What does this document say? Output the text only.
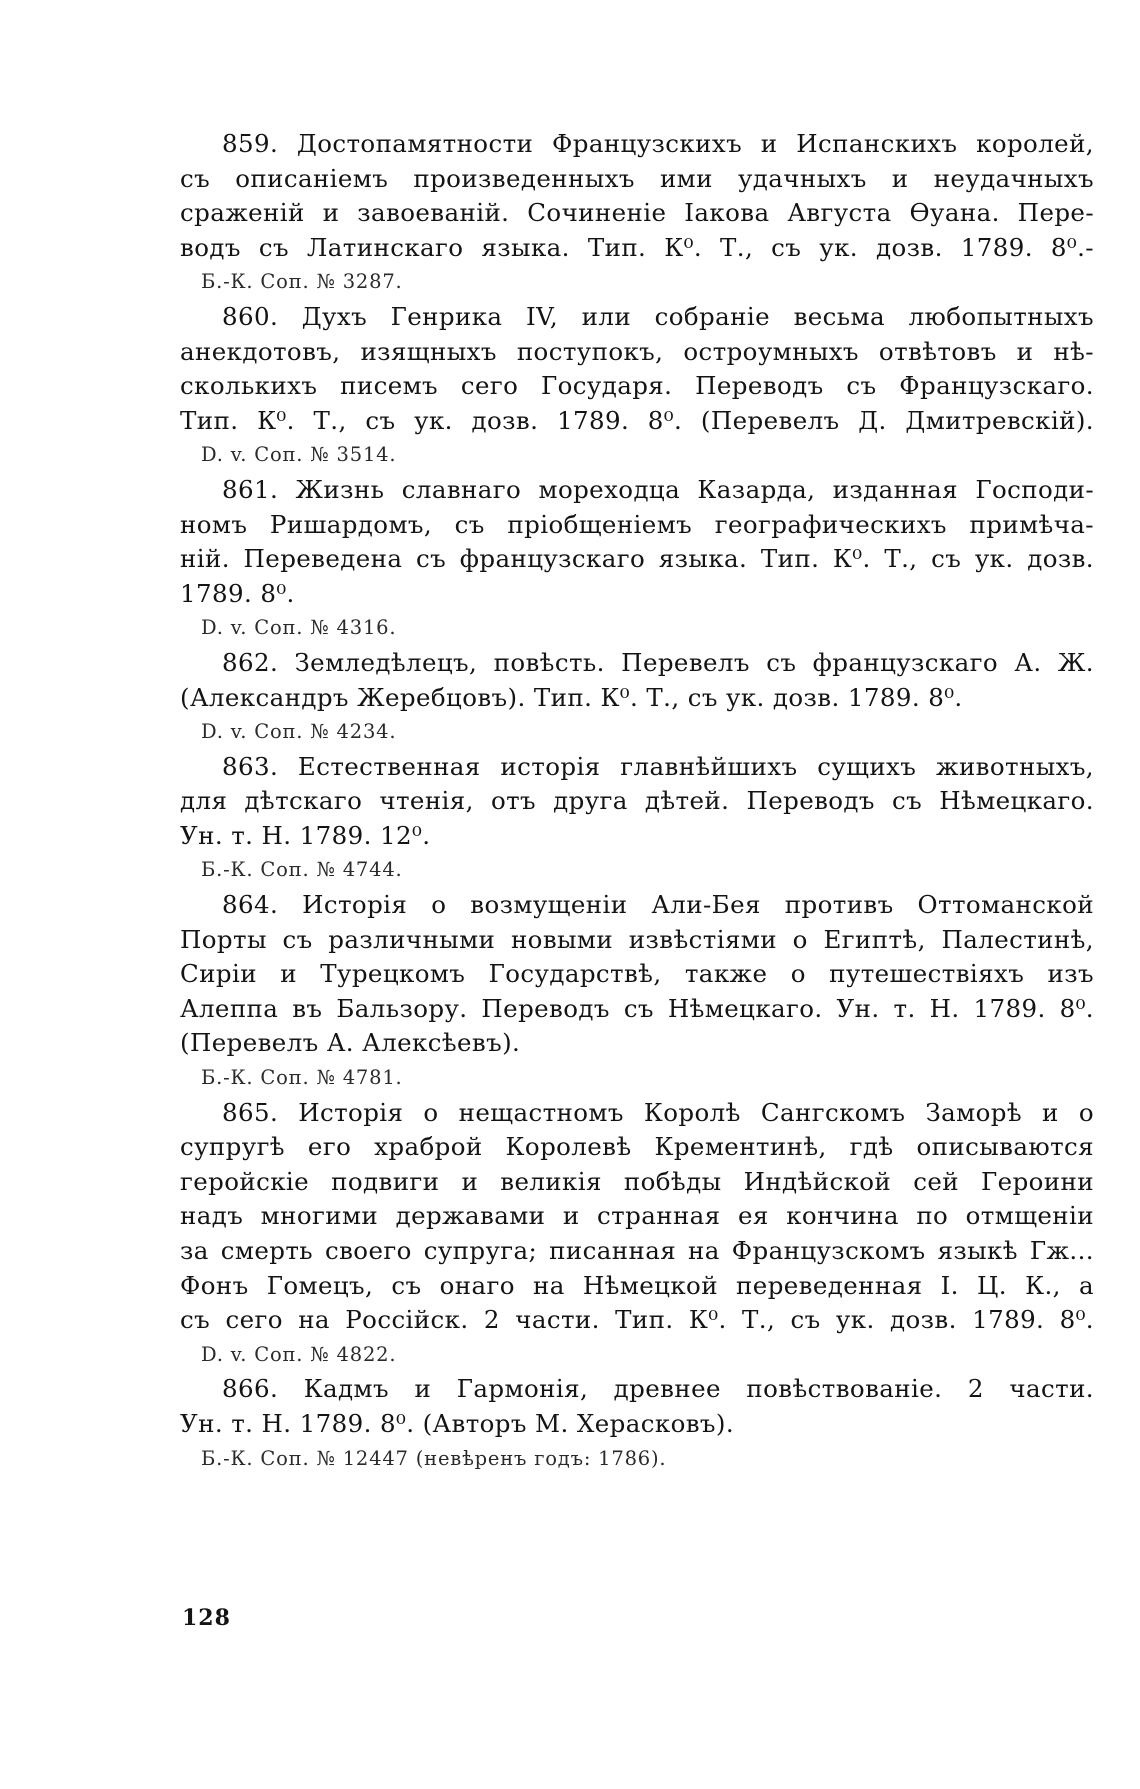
859. Достопамятности Французскихъ и Испанскихъ королей,
съ описаніемъ произведенныхъ ими удачныхъ и неудачныхъ
сраженій и завоеваній. Сочиненіе Іакова Августа Ѳуана. Пере-
водъ съ Латинскаго языка. Тип. К⁰. Т., съ ук. дозв. 1789. 8⁰.-
Б.-К. Соп. № 3287.
860. Духъ Генрика IV, или собраніе весьма любопытныхъ
анекдотовъ, изящныхъ поступокъ, остроумныхъ отвѣтовъ и нѣ-
сколькихъ писемъ сего Государя. Переводъ съ Французскаго.
Тип. К⁰. Т., съ ук. дозв. 1789. 8⁰. (Перевелъ Д. Дмитревскій).
D. v. Соп. № 3514.
861. Жизнь славнаго мореходца Казарда, изданная Господи-
номъ Ришардомъ, съ пріобщеніемъ географическихъ примѣча-
ній. Переведена съ французскаго языка. Тип. К⁰. Т., съ ук. дозв.
1789. 8⁰.
D. v. Соп. № 4316.
862. Земледѣлецъ, повѣсть. Перевелъ съ французскаго А. Ж.
(Александръ Жеребцовъ). Тип. К⁰. Т., съ ук. дозв. 1789. 8⁰.
D. v. Соп. № 4234.
863. Естественная исторія главнѣйшихъ сущихъ животныхъ,
для дѣтскаго чтенія, отъ друга дѣтей. Переводъ съ Нѣмецкаго.
Ун. т. Н. 1789. 12⁰.
Б.-К. Соп. № 4744.
864. Исторія о возмущеніи Али-Бея противъ Оттоманской
Порты съ различными новыми извѣстіями о Египтѣ, Палестинѣ,
Сиріи и Турецкомъ Государствѣ, также о путешествіяхъ изъ
Алеппа въ Бальзору. Переводъ съ Нѣмецкаго. Ун. т. Н. 1789. 8⁰.
(Перевелъ А. Алексѣевъ).
Б.-К. Соп. № 4781.
865. Исторія о нещастномъ Королѣ Сангскомъ Заморѣ и о
супругѣ его храброй Королевѣ Крементинѣ, гдѣ описываются
геройскіе подвиги и великія побѣды Индѣйской сей Героини
надъ многими державами и странная ея кончина по отмщеніи
за смерть своего супруга; писанная на Французскомъ языкѣ Гж...
Фонъ Гомецъ, съ онаго на Нѣмецкой переведенная І. Ц. К., а
съ сего на Россійск. 2 части. Тип. К⁰. Т., съ ук. дозв. 1789. 8⁰.
D. v. Соп. № 4822.
866. Кадмъ и Гармонія, древнее повѣствованіе. 2 части.
Ун. т. Н. 1789. 8⁰. (Авторъ М. Херасковъ).
Б.-К. Соп. № 12447 (невѣренъ годъ: 1786).
128
